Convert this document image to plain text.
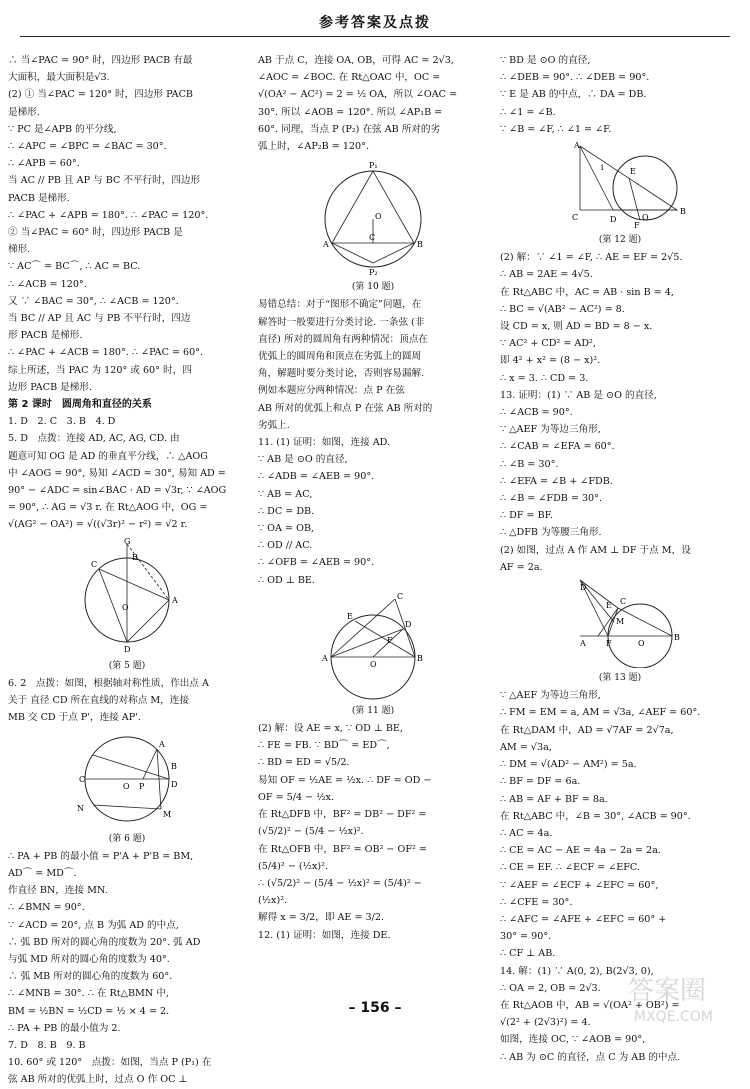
参考答案及点拨
∴ 当∠PAC = 90° 时，四边形 PACB 有最
大面积，最大面积是√3.
(2) ① 当∠PAC = 120° 时，四边形 PACB
是梯形.
∵ PC 是∠APB 的平分线,
∴ ∠APC = ∠BPC = ∠BAC = 30°.
∴ ∠APB = 60°.
当 AC // PB 且 AP 与 BC 不平行时，四边形
PACB 是梯形.
∴ ∠PAC + ∠APB = 180°. ∴ ∠PAC = 120°.
② 当∠PAC = 60° 时，四边形 PACB 是
梯形.
∵ AC⌒ = BC⌒, ∴ AC = BC.
∴ ∠ACB = 120°.
又 ∵ ∠BAC = 30°, ∴ ∠ACB = 120°.
当 BC // AP 且 AC 与 PB 不平行时，四边
形 PACB 是梯形.
∴ ∠PAC + ∠ACB = 180°. ∴ ∠PAC = 60°.
综上所述，当 PAC 为 120° 或 60° 时，四
边形 PACB 是梯形.
第 2 课时　圆周角和直径的关系
1. D　2. C　3. B　4. D
5. D　点拨：连接 AD, AC, AG, CD. 由
题意可知 OG 是 AD 的垂直平分线，∴ △AOG
中 ∠AOG = 90°, 易知 ∠ACD = 30°, 易知 AD =
90° − ∠ADC = sin∠BAC · AD = √3r, ∵ ∠AOG
= 90°, ∴ AG = √3 r. 在 Rt△AOG 中，OG =
√(AG² − OA²) = √((√3r)² − r²) = √2 r.
G
C
B
O
A
D
(第 5 题)
6. 2　点拨：如图，根据轴对称性质，作出点 A
关于 直径 CD 所在直线的对称点 M，连接
MB 交 CD 于点 P'，连接 AP'.
N
C
O P
A
B
M
D
(第 6 题)
∴ PA + PB 的最小值 = P'A + P'B = BM,
AD⌒ = MD⌒.
作直径 BN，连接 MN.
∴ ∠BMN = 90°.
∵ ∠ACD = 20°, 点 B 为弧 AD 的中点,
∴ 弧 BD 所对的圆心角的度数为 20°. 弧 AD
与弧 MD 所对的圆心角的度数为 40°.
∴ 弧 MB 所对的圆心角的度数为 60°.
∴ ∠MNB = 30°. ∴ 在 Rt△BMN 中,
BM = ½BN = ½CD = ½ × 4 = 2.
∴ PA + PB 的最小值为 2.
7. D　8. B　9. B
10. 60° 或 120°　点拨：如图，当点 P (P₁) 在
弦 AB 所对的优弧上时，过点 O 作 OC ⊥
AB 于点 C，连接 OA, OB，可得 AC = 2√3,
∠AOC = ∠BOC. 在 Rt△OAC 中，OC =
√(OA² − AC²) = 2 = ½ OA，所以 ∠OAC =
30°. 所以 ∠AOB = 120°. 所以 ∠AP₁B =
60°. 同理，当点 P (P₂) 在弦 AB 所对的劣
弧上时，∠AP₂B = 120°.
P₁
O
A
C
B
P₂
(第 10 题)
易错总结：对于“图形不确定”问题，在
解答时一般要进行分类讨论. 一条弦 (非
直径) 所对的圆周角有两种情况：顶点在
优弧上的圆周角和顶点在劣弧上的圆周
角，解题时要分类讨论，否则容易漏解.
例如本题应分两种情况：点 P 在弦
AB 所对的优弧上和点 P 在弦 AB 所对的
劣弧上.
11. (1) 证明：如图，连接 AD.
∵ AB 是 ⊙O 的直径,
∴ ∠ADB = ∠AEB = 90°.
∵ AB = AC,
∴ DC = DB.
∵ OA = OB,
∴ OD // AC.
∴ ∠OFB = ∠AEB = 90°.
∴ OD ⊥ BE.
C
E
D
F
A
O
B
(第 11 题)
(2) 解：设 AE = x, ∵ OD ⊥ BE,
∴ FE = FB. ∵ BD⌒ = ED⌒,
∴ BD = ED = √5/2.
易知 OF = ½AE = ½x. ∴ DF = OD −
OF = 5/4 − ½x.
在 Rt△DFB 中，BF² = DB² − DF² =
(√5/2)² − (5/4 − ½x)².
在 Rt△OFB 中，BF² = OB² − OF² =
(5/4)² − (½x)².
∴ (√5/2)² − (5/4 − ½x)² = (5/4)² −
(½x)².
解得 x = 3/2，即 AE = 3/2.
12. (1) 证明：如图，连接 DE.
∵ BD 是 ⊙O 的直径,
∴ ∠DEB = 90°. ∴ ∠DEB = 90°.
∵ E 是 AB 的中点，∴ DA = DB.
∴ ∠1 = ∠B.
∵ ∠B = ∠F, ∴ ∠1 = ∠F.
A
E
1
C	D	O
B
F
(第 12 题)
(2) 解：∵ ∠1 = ∠F, ∴ AE = EF = 2√5.
∴ AB = 2AE = 4√5.
在 Rt△ABC 中，AC = AB · sin B = 4,
∴ BC = √(AB² − AC²) = 8.
设 CD = x, 则 AD = BD = 8 − x.
∵ AC² + CD² = AD²,
即 4² + x² = (8 − x)².
∴ x = 3. ∴ CD = 3.
13. 证明：(1) ∵ AB 是 ⊙O 的直径,
∴ ∠ACB = 90°.
∵ △AEF 为等边三角形,
∴ ∠CAB = ∠EFA = 60°.
∴ ∠B = 30°.
∴ ∠EFA = ∠B + ∠FDB.
∴ ∠B = ∠FDB = 30°.
∴ DF = BF.
∴ △DFB 为等腰三角形.
(2) 如图，过点 A 作 AM ⊥ DF 于点 M，设
AF = 2a.
E C
D
M
A	F	O
B
(第 13 题)
∵ △AEF 为等边三角形,
∴ FM = EM = a, AM = √3a, ∠AEF = 60°.
在 Rt△DAM 中，AD = √7AF = 2√7a,
AM = √3a,
∴ DM = √(AD² − AM²) = 5a.
∴ BF = DF = 6a.
∴ AB = AF + BF = 8a.
在 Rt△ABC 中，∠B = 30°, ∠ACB = 90°.
∴ AC = 4a.
∴ CE = AC − AE = 4a − 2a = 2a.
∴ CE = EF. ∴ ∠ECF = ∠EFC.
∵ ∠AEF = ∠ECF + ∠EFC = 60°,
∴ ∠CFE = 30°.
∴ ∠AFC = ∠AFE + ∠EFC = 60° +
30° = 90°.
∴ CF ⊥ AB.
14. 解：(1) ∵ A(0, 2), B(2√3, 0),
∴ OA = 2, OB = 2√3.
在 Rt△AOB 中，AB = √(OA² + OB²) =
√(2² + (2√3)²) = 4.
如图，连接 OC, ∵ ∠AOB = 90°,
∴ AB 为 ⊙C 的直径，点 C 为 AB 的中点.
– 156 –
答案圈
MXQE.COM
